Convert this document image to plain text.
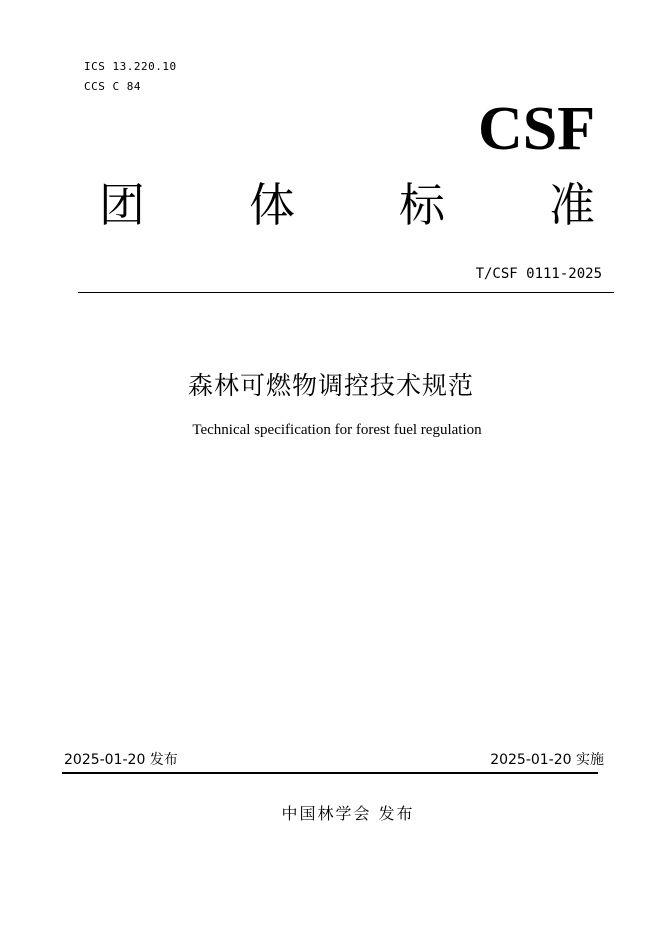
ICS 13.220.10
CCS C 84
CSF
团 体 标 准
T/CSF 0111-2025
森林可燃物调控技术规范
Technical specification for forest fuel regulation
2025-01-20 发布	2025-01-20 实施
中国林学会 发布
